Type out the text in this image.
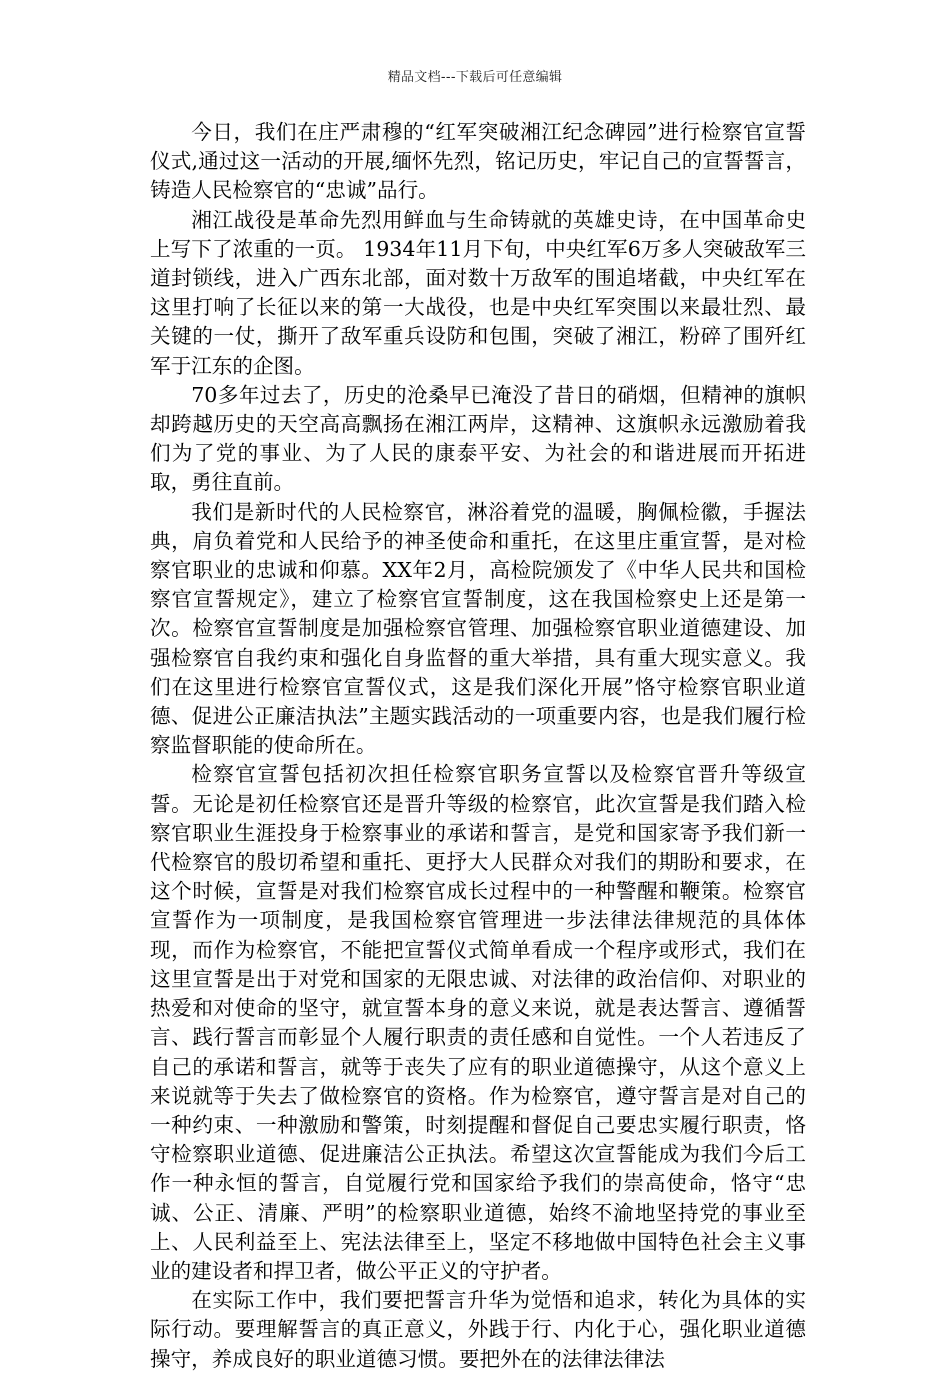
精品文档---下载后可任意编辑

今日，我们在庄严肃穆的“红军突破湘江纪念碑园”进行检察官宣誓仪式,通过这一活动的开展,缅怀先烈，铭记历史，牢记自己的宣誓誓言，铸造人民检察官的“忠诚”品行。

湘江战役是革命先烈用鲜血与生命铸就的英雄史诗，在中国革命史上写下了浓重的一页。 1934年11月下旬，中央红军6万多人突破敌军三道封锁线，进入广西东北部，面对数十万敌军的围追堵截，中央红军在这里打响了长征以来的第一大战役，也是中央红军突围以来最壮烈、最关键的一仗，撕开了敌军重兵设防和包围，突破了湘江，粉碎了围歼红军于江东的企图。

70多年过去了，历史的沧桑早已淹没了昔日的硝烟，但精神的旗帜却跨越历史的天空高高飘扬在湘江两岸，这精神、这旗帜永远激励着我们为了党的事业、为了人民的康泰平安、为社会的和谐进展而开拓进取，勇往直前。

我们是新时代的人民检察官，淋浴着党的温暖，胸佩检徽，手握法典，肩负着党和人民给予的神圣使命和重托，在这里庄重宣誓，是对检察官职业的忠诚和仰慕。XX年2月，高检院颁发了《中华人民共和国检察官宣誓规定》，建立了检察官宣誓制度，这在我国检察史上还是第一次。检察官宣誓制度是加强检察官管理、加强检察官职业道德建设、加强检察官自我约束和强化自身监督的重大举措，具有重大现实意义。我们在这里进行检察官宣誓仪式，这是我们深化开展”恪守检察官职业道德、促进公正廉洁执法”主题实践活动的一项重要内容，也是我们履行检察监督职能的使命所在。

检察官宣誓包括初次担任检察官职务宣誓以及检察官晋升等级宣誓。无论是初任检察官还是晋升等级的检察官，此次宣誓是我们踏入检察官职业生涯投身于检察事业的承诺和誓言，是党和国家寄予我们新一代检察官的殷切希望和重托、更抒大人民群众对我们的期盼和要求，在这个时候，宣誓是对我们检察官成长过程中的一种警醒和鞭策。检察官宣誓作为一项制度，是我国检察官管理进一步法律法律规范的具体体现，而作为检察官，不能把宣誓仪式简单看成一个程序或形式，我们在这里宣誓是出于对党和国家的无限忠诚、对法律的政治信仰、对职业的热爱和对使命的坚守，就宣誓本身的意义来说，就是表达誓言、遵循誓言、践行誓言而彰显个人履行职责的责任感和自觉性。一个人若违反了自己的承诺和誓言，就等于丧失了应有的职业道德操守，从这个意义上来说就等于失去了做检察官的资格。作为检察官，遵守誓言是对自己的一种约束、一种激励和警策，时刻提醒和督促自己要忠实履行职责，恪守检察职业道德、促进廉洁公正执法。希望这次宣誓能成为我们今后工作一种永恒的誓言，自觉履行党和国家给予我们的崇高使命，恪守“忠诚、公正、清廉、严明”的检察职业道德，始终不渝地坚持党的事业至上、人民利益至上、宪法法律至上，坚定不移地做中国特色社会主义事业的建设者和捍卫者，做公平正义的守护者。

在实际工作中，我们要把誓言升华为觉悟和追求，转化为具体的实际行动。要理解誓言的真正意义，外践于行、内化于心，强化职业道德操守，养成良好的职业道德习惯。要把外在的法律法律法
